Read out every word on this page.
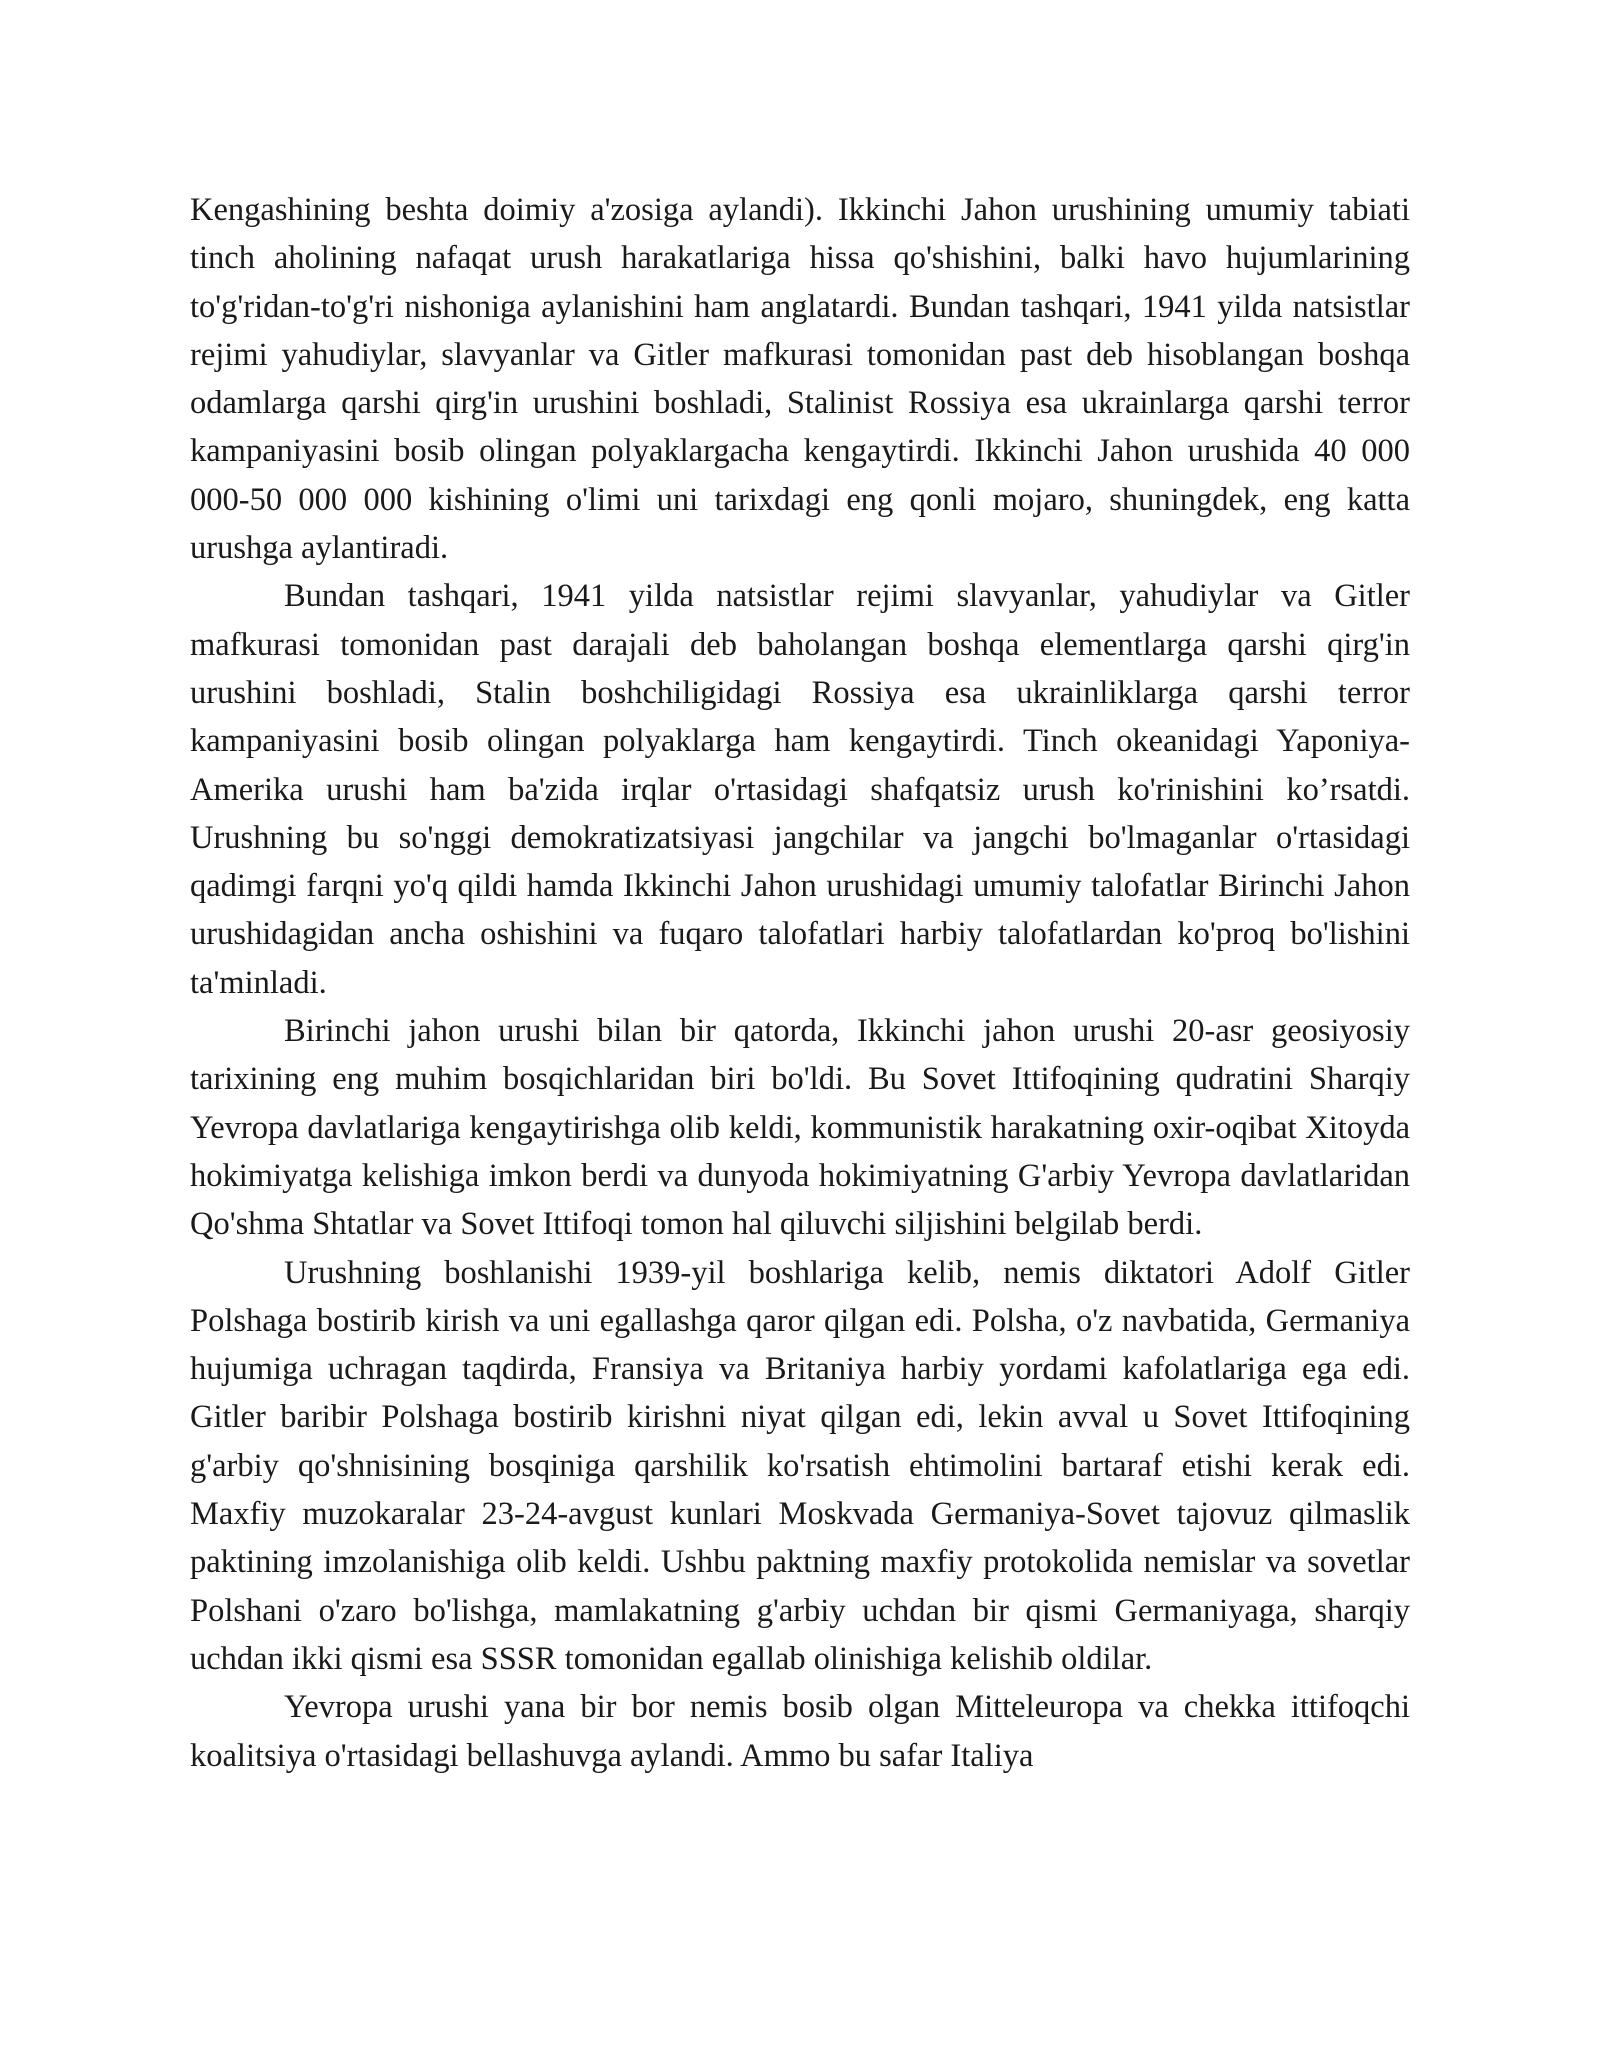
Kengashining beshta doimiy a'zosiga aylandi). Ikkinchi Jahon urushining umumiy tabiati tinch aholining nafaqat urush harakatlariga hissa qo'shishini, balki havo hujumlarining to'g'ridan-to'g'ri nishoniga aylanishini ham anglatardi. Bundan tashqari, 1941 yilda natsistlar rejimi yahudiylar, slavyanlar va Gitler mafkurasi tomonidan past deb hisoblangan boshqa odamlarga qarshi qirg'in urushini boshladi, Stalinist Rossiya esa ukrainlarga qarshi terror kampaniyasini bosib olingan polyaklargacha kengaytirdi. Ikkinchi Jahon urushida 40 000 000-50 000 000 kishining o'limi uni tarixdagi eng qonli mojaro, shuningdek, eng katta urushga aylantiradi.

Bundan tashqari, 1941 yilda natsistlar rejimi slavyanlar, yahudiylar va Gitler mafkurasi tomonidan past darajali deb baholangan boshqa elementlarga qarshi qirg'in urushini boshladi, Stalin boshchiligidagi Rossiya esa ukrainliklarga qarshi terror kampaniyasini bosib olingan polyaklarga ham kengaytirdi. Tinch okeanidagi Yaponiya-Amerika urushi ham ba'zida irqlar o'rtasidagi shafqatsiz urush ko'rinishini ko’rsatdi. Urushning bu so'nggi demokratizatsiyasi jangchilar va jangchi bo'lmaganlar o'rtasidagi qadimgi farqni yo'q qildi hamda Ikkinchi Jahon urushidagi umumiy talofatlar Birinchi Jahon urushidagidan ancha oshishini va fuqaro talofatlari harbiy talofatlardan ko'proq bo'lishini ta'minladi.

Birinchi jahon urushi bilan bir qatorda, Ikkinchi jahon urushi 20-asr geosiyosiy tarixining eng muhim bosqichlaridan biri bo'ldi. Bu Sovet Ittifoqining qudratini Sharqiy Yevropa davlatlariga kengaytirishga olib keldi, kommunistik harakatning oxir-oqibat Xitoyda hokimiyatga kelishiga imkon berdi va dunyoda hokimiyatning G'arbiy Yevropa davlatlaridan Qo'shma Shtatlar va Sovet Ittifoqi tomon hal qiluvchi siljishini belgilab berdi.

Urushning boshlanishi 1939-yil boshlariga kelib, nemis diktatori Adolf Gitler Polshaga bostirib kirish va uni egallashga qaror qilgan edi. Polsha, o'z navbatida, Germaniya hujumiga uchragan taqdirda, Fransiya va Britaniya harbiy yordami kafolatlariga ega edi. Gitler baribir Polshaga bostirib kirishni niyat qilgan edi, lekin avval u Sovet Ittifoqining g'arbiy qo'shnisining bosqiniga qarshilik ko'rsatish ehtimolini bartaraf etishi kerak edi. Maxfiy muzokaralar 23-24-avgust kunlari Moskvada Germaniya-Sovet tajovuz qilmaslik paktining imzolanishiga olib keldi. Ushbu paktning maxfiy protokolida nemislar va sovetlar Polshani o'zaro bo'lishga, mamlakatning g'arbiy uchdan bir qismi Germaniyaga, sharqiy uchdan ikki qismi esa SSSR tomonidan egallab olinishiga kelishib oldilar.

Yevropa urushi yana bir bor nemis bosib olgan Mitteleuropa va chekka ittifoqchi koalitsiya o'rtasidagi bellashuvga aylandi. Ammo bu safar Italiya
